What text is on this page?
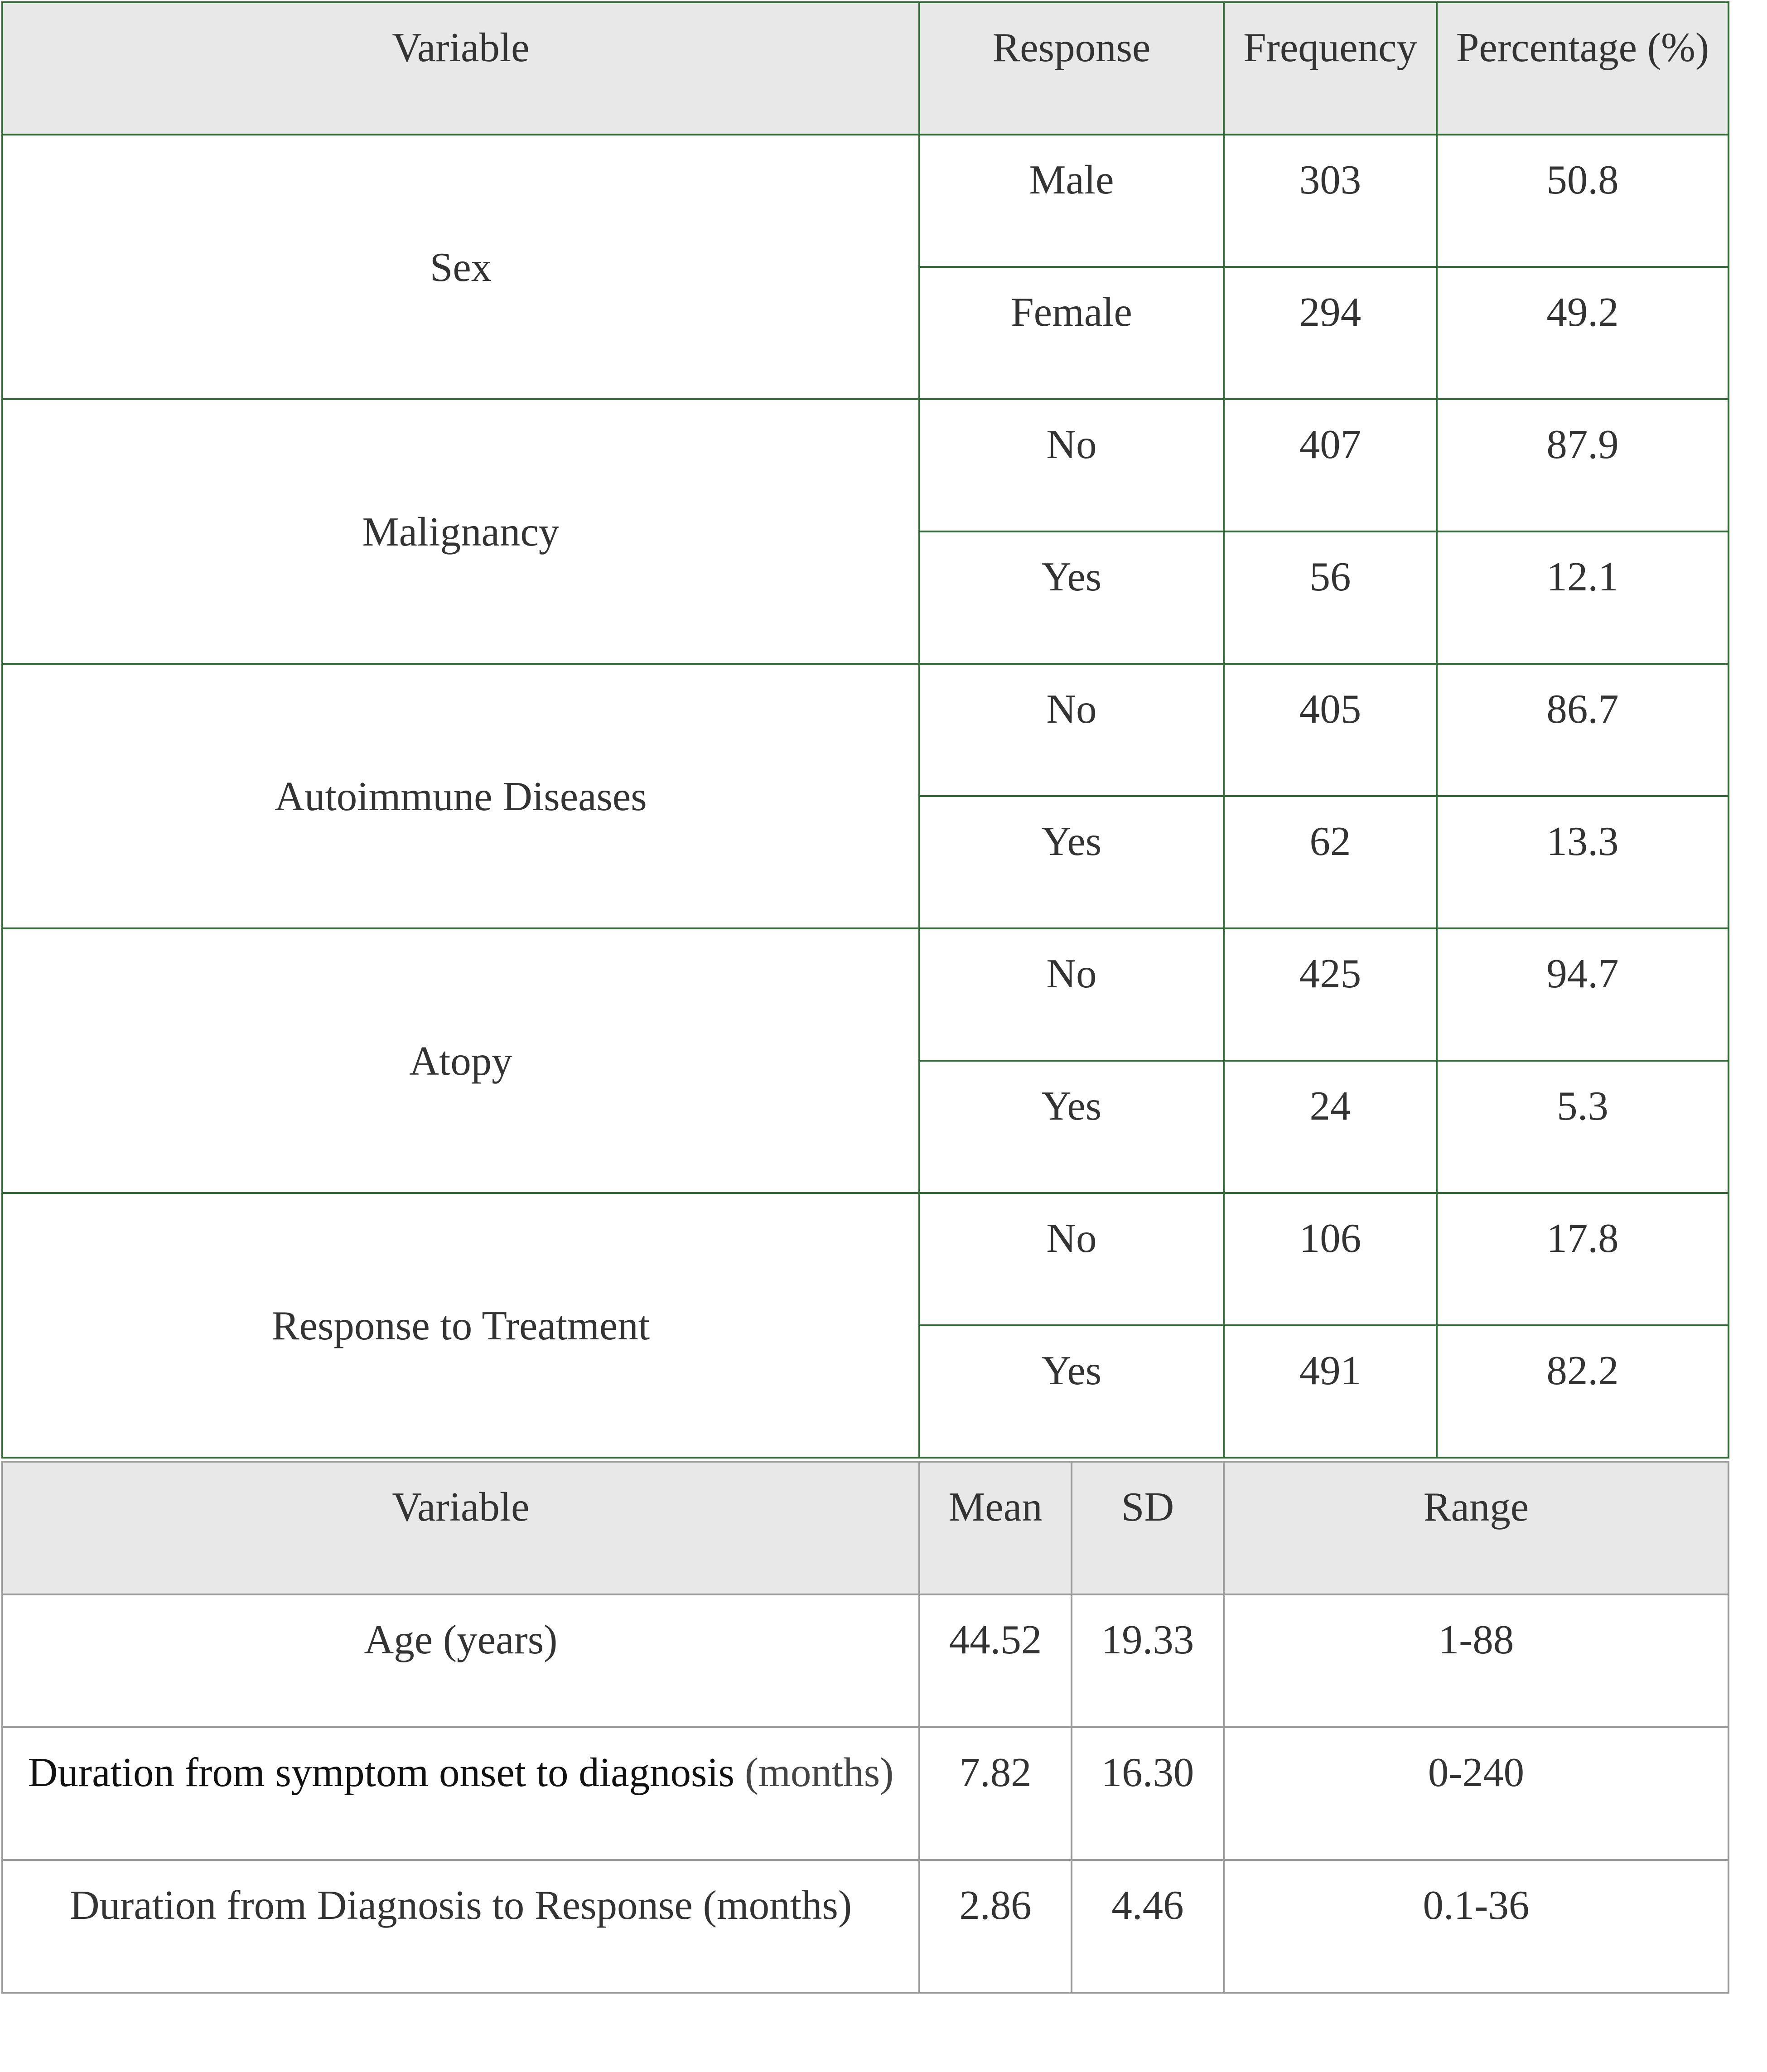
Variable	Response	Frequency	Percentage (%)
Sex	Male	303	50.8
	Female	294	49.2
Malignancy	No	407	87.9
	Yes	56	12.1
Autoimmune Diseases	No	405	86.7
	Yes	62	13.3
Atopy	No	425	94.7
	Yes	24	5.3
Response to Treatment	No	106	17.8
	Yes	491	82.2
Variable	Mean	SD	Range
Age (years)	44.52	19.33	1-88
Duration from symptom onset to diagnosis (months)	7.82	16.30	0-240
Duration from Diagnosis to Response (months)	2.86	4.46	0.1-36
